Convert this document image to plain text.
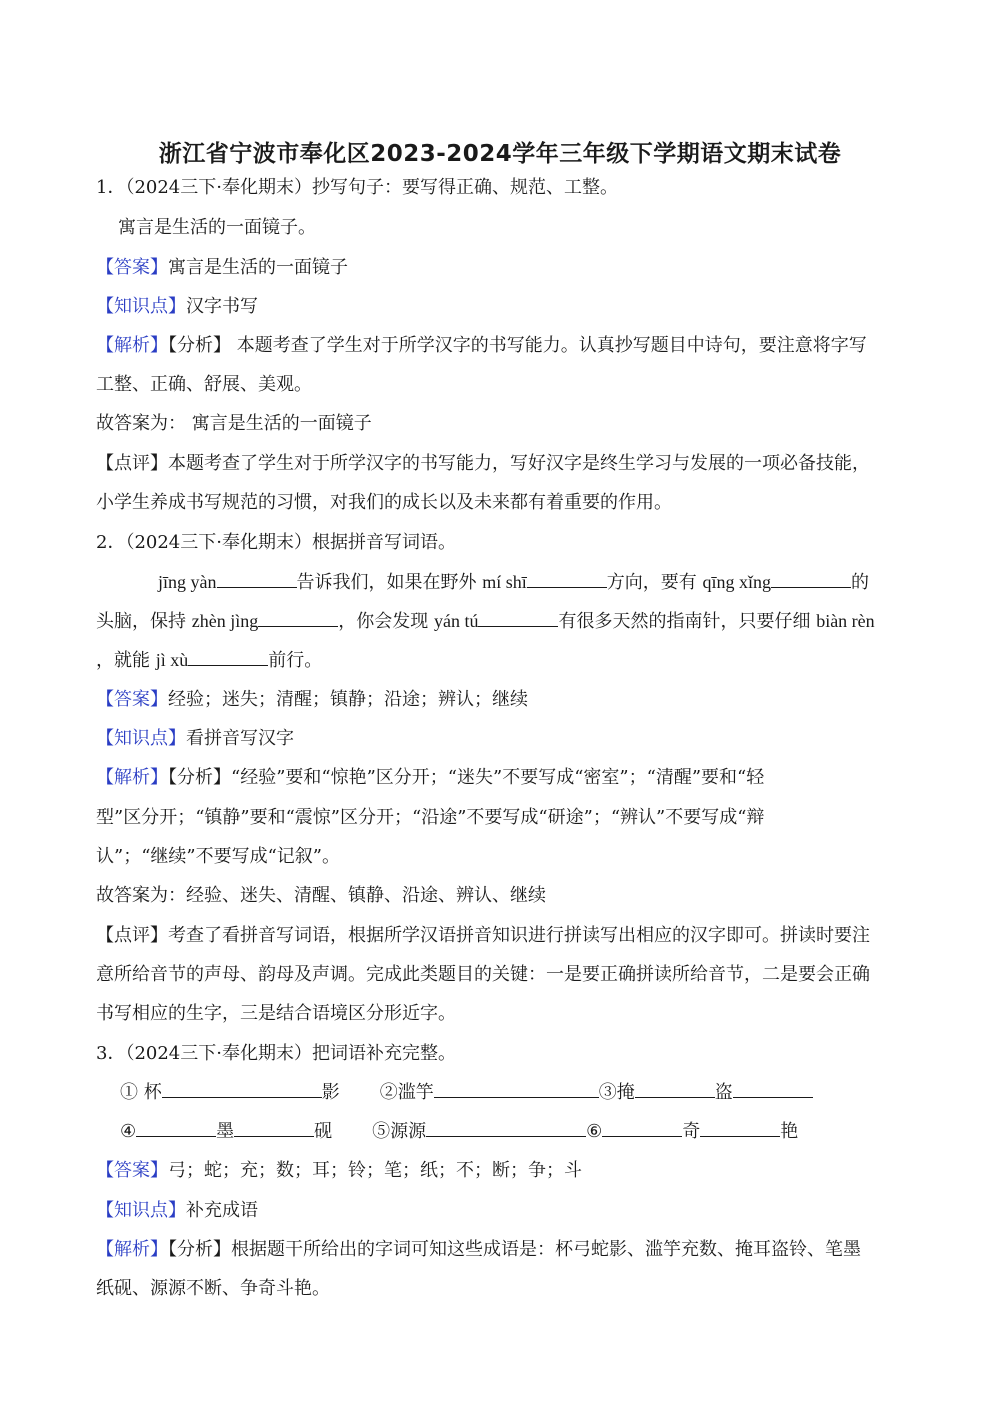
浙江省宁波市奉化区2023-2024学年三年级下学期语文期末试卷
1．（2024三下·奉化期末）抄写句子：要写得正确、规范、工整。
寓言是生活的一面镜子。
【答案】寓言是生活的一面镜子
【知识点】汉字书写
【解析】【分析】 本题考查了学生对于所学汉字的书写能力。认真抄写题目中诗句，要注意将字写
工整、正确、舒展、美观。
故答案为： 寓言是生活的一面镜子
【点评】本题考查了学生对于所学汉字的书写能力，写好汉字是终生学习与发展的一项必备技能，
小学生养成书写规范的习惯，对我们的成长以及未来都有着重要的作用。
2．（2024三下·奉化期末）根据拼音写词语。
jīng yàn	告诉我们，如果在野外 mí shī	方向，要有 qīng xǐng	的
头脑，保持 zhèn jìng	，你会发现 yán tú	有很多天然的指南针，只要仔细 biàn rèn
，就能 jì xù	前行。
【答案】经验；迷失；清醒；镇静；沿途；辨认；继续
【知识点】看拼音写汉字
【解析】【分析】“经验”要和“惊艳”区分开；“迷失”不要写成“密室”；“清醒”要和“轻
型”区分开；“镇静”要和“震惊”区分开；“沿途”不要写成“研途”；“辨认”不要写成“辩
认”；“继续”不要写成“记叙”。
故答案为：经验、迷失、清醒、镇静、沿途、辨认、继续
【点评】考查了看拼音写词语，根据所学汉语拼音知识进行拼读写出相应的汉字即可。拼读时要注
意所给音节的声母、韵母及声调。完成此类题目的关键：一是要正确拼读所给音节，二是要会正确
书写相应的生字，三是结合语境区分形近字。
3．（2024三下·奉化期末）把词语补充完整。
① 杯	影 ②滥竽	③掩	盗
④	墨	砚 ⑤源源	⑥	奇	艳
【答案】弓；蛇；充；数；耳；铃；笔；纸；不；断；争；斗
【知识点】补充成语
【解析】【分析】根据题干所给出的字词可知这些成语是：杯弓蛇影、滥竽充数、掩耳盗铃、笔墨
纸砚、源源不断、争奇斗艳。
